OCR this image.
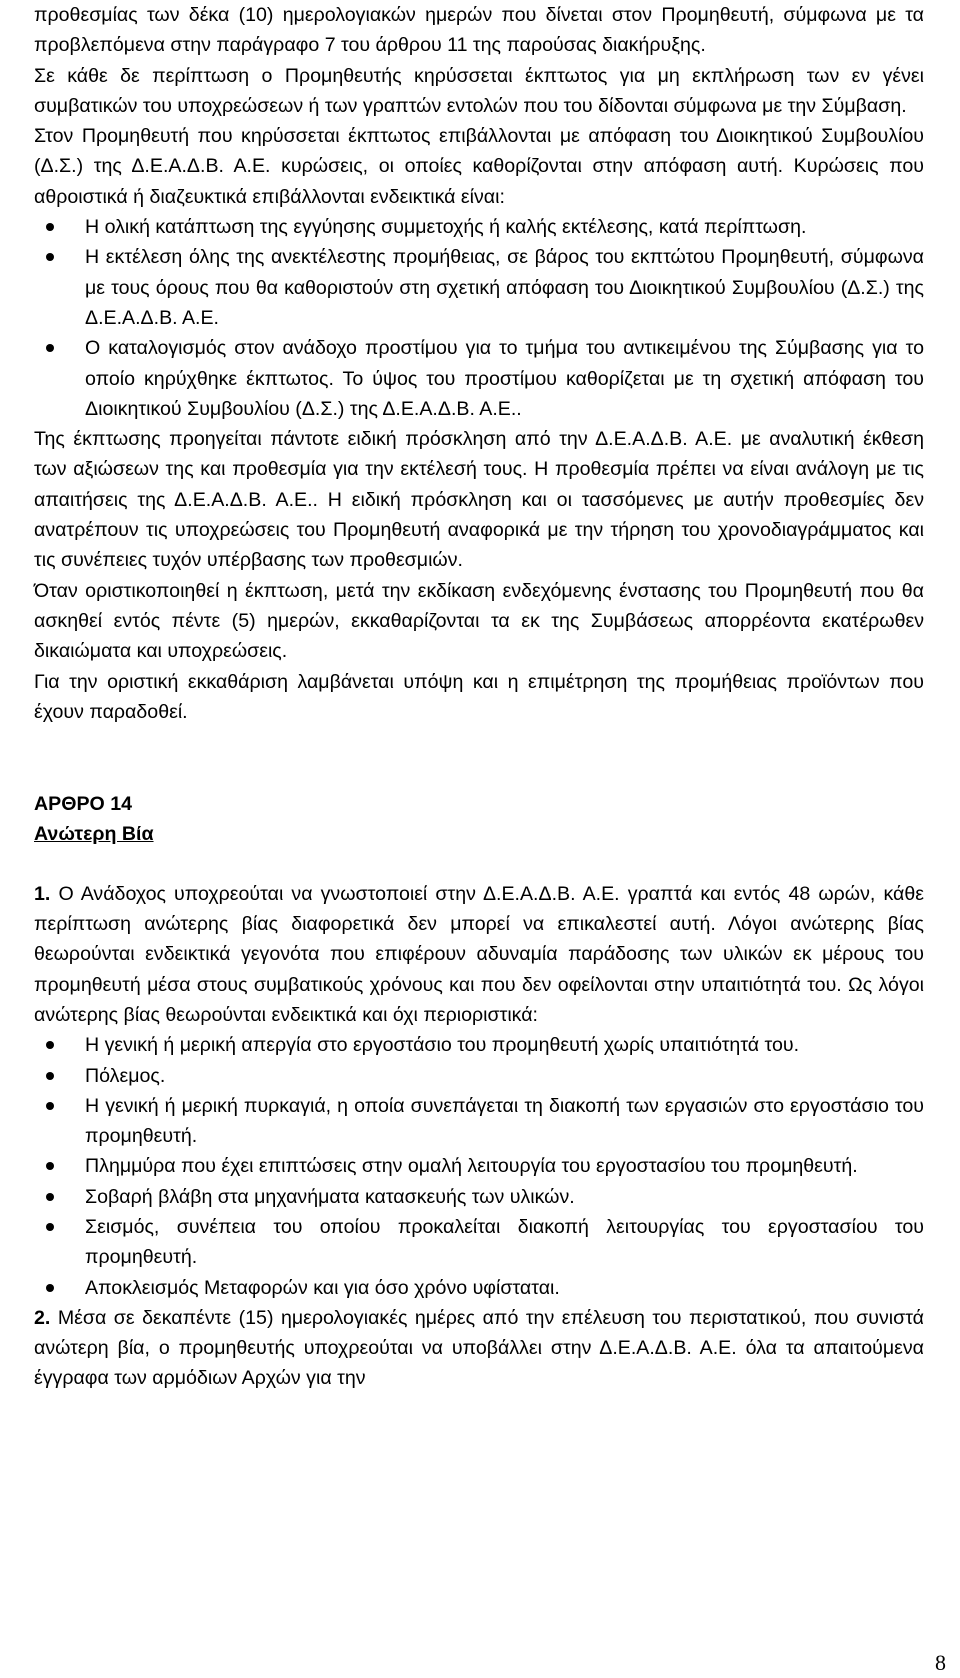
προθεσμίας των δέκα (10) ημερολογιακών ημερών που δίνεται στον Προμηθευτή, σύμφωνα με τα προβλεπόμενα στην παράγραφο 7 του άρθρου 11 της παρούσας διακήρυξης.

Σε κάθε δε περίπτωση ο Προμηθευτής κηρύσσεται έκπτωτος για μη εκπλήρωση των εν γένει συμβατικών του υποχρεώσεων ή των γραπτών εντολών που του δίδονται σύμφωνα με την Σύμβαση.

Στον Προμηθευτή που κηρύσσεται έκπτωτος επιβάλλονται με απόφαση του Διοικητικού Συμβουλίου (Δ.Σ.) της Δ.Ε.Α.Δ.Β. Α.Ε. κυρώσεις, οι οποίες καθορίζονται στην απόφαση αυτή. Κυρώσεις που αθροιστικά ή διαζευκτικά επιβάλλονται ενδεικτικά είναι:

Η ολική κατάπτωση της εγγύησης συμμετοχής ή καλής εκτέλεσης, κατά περίπτωση.
Η εκτέλεση όλης της ανεκτέλεστης προμήθειας, σε βάρος του εκπτώτου Προμηθευτή, σύμφωνα με τους όρους που θα καθοριστούν στη σχετική απόφαση του Διοικητικού Συμβουλίου (Δ.Σ.) της Δ.Ε.Α.Δ.Β. Α.Ε.
Ο καταλογισμός στον ανάδοχο προστίμου για το τμήμα του αντικειμένου της Σύμβασης για το οποίο κηρύχθηκε έκπτωτος. Το ύψος του προστίμου καθορίζεται με τη σχετική απόφαση του Διοικητικού Συμβουλίου (Δ.Σ.) της Δ.Ε.Α.Δ.Β. Α.Ε..

Της έκπτωσης προηγείται πάντοτε ειδική πρόσκληση από την Δ.Ε.Α.Δ.Β. Α.Ε. με αναλυτική έκθεση των αξιώσεων της και προθεσμία για την εκτέλεσή τους. Η προθεσμία πρέπει να είναι ανάλογη με τις απαιτήσεις της Δ.Ε.Α.Δ.Β. Α.Ε.. Η ειδική πρόσκληση και οι τασσόμενες με αυτήν προθεσμίες δεν ανατρέπουν τις υποχρεώσεις του Προμηθευτή αναφορικά με την τήρηση του χρονοδιαγράμματος και τις συνέπειες τυχόν υπέρβασης των προθεσμιών.

Όταν οριστικοποιηθεί η έκπτωση, μετά την εκδίκαση ενδεχόμενης ένστασης του Προμηθευτή που θα ασκηθεί εντός πέντε (5) ημερών, εκκαθαρίζονται τα εκ της Συμβάσεως απορρέοντα εκατέρωθεν δικαιώματα και υποχρεώσεις.

Για την οριστική εκκαθάριση λαμβάνεται υπόψη και η επιμέτρηση της προμήθειας προϊόντων που έχουν παραδοθεί.

ΑΡΘΡΟ 14

Ανώτερη Βία

1. Ο Ανάδοχος υποχρεούται να γνωστοποιεί στην Δ.Ε.Α.Δ.Β. Α.Ε. γραπτά και εντός 48 ωρών, κάθε περίπτωση ανώτερης βίας διαφορετικά δεν μπορεί να επικαλεστεί αυτή. Λόγοι ανώτερης βίας θεωρούνται ενδεικτικά γεγονότα που επιφέρουν αδυναμία παράδοσης των υλικών εκ μέρους του προμηθευτή μέσα στους συμβατικούς χρόνους και που δεν οφείλονται στην υπαιτιότητά του. Ως λόγοι ανώτερης βίας θεωρούνται ενδεικτικά και όχι περιοριστικά:

Η γενική ή μερική απεργία στο εργοστάσιο του προμηθευτή χωρίς υπαιτιότητά του.
Πόλεμος.
Η γενική ή μερική πυρκαγιά, η οποία συνεπάγεται τη διακοπή των εργασιών στο εργοστάσιο του προμηθευτή.
Πλημμύρα που έχει επιπτώσεις στην ομαλή λειτουργία του εργοστασίου του προμηθευτή.
Σοβαρή βλάβη στα μηχανήματα κατασκευής των υλικών.
Σεισμός, συνέπεια του οποίου προκαλείται διακοπή λειτουργίας του εργοστασίου του προμηθευτή.
Αποκλεισμός Μεταφορών και για όσο χρόνο υφίσταται.

2. Μέσα σε δεκαπέντε (15) ημερολογιακές ημέρες από την επέλευση του περιστατικού, που συνιστά ανώτερη βία, ο προμηθευτής υποχρεούται να υποβάλλει στην Δ.Ε.Α.Δ.Β. Α.Ε. όλα τα απαιτούμενα έγγραφα των αρμόδιων Αρχών για την

8
